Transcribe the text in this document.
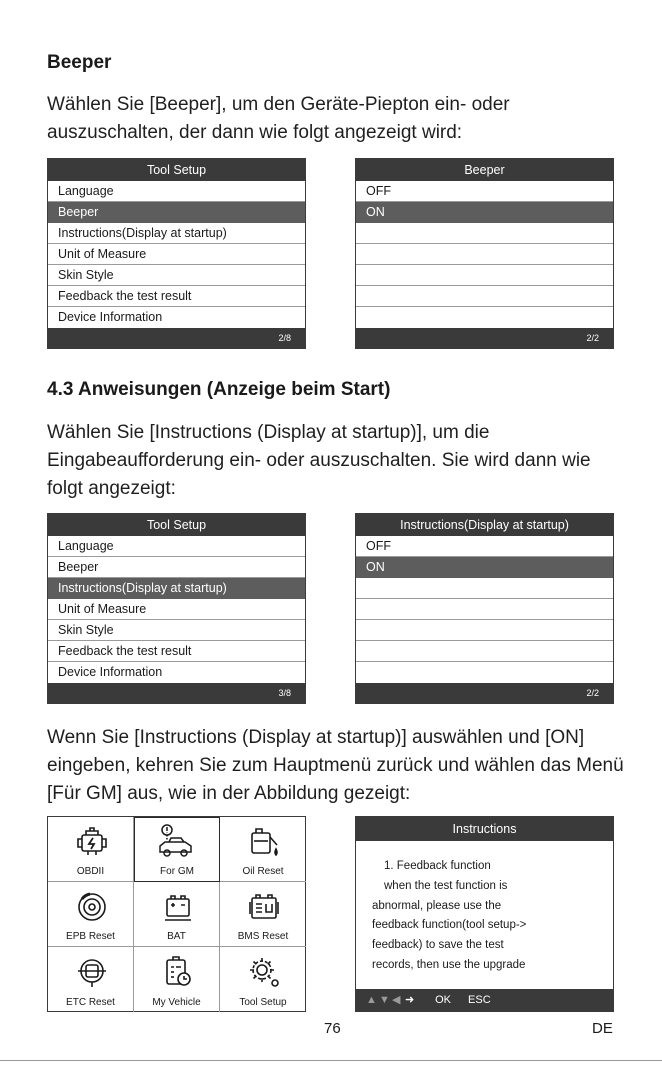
Beeper
Wählen Sie [Beeper], um den Geräte-Piepton ein- oder auszuschalten, der dann wie folgt angezeigt wird:
Tool Setup
Language
Beeper
Instructions(Display at startup)
Unit of Measure
Skin Style
Feedback the test result
Device Information
2/8
Beeper
OFF
ON
2/2
4.3 Anweisungen (Anzeige beim Start)
Wählen Sie [Instructions (Display at startup)], um die Eingabeaufforderung ein- oder auszuschalten. Sie wird dann wie folgt angezeigt:
Tool Setup
Language
Beeper
Instructions(Display at startup)
Unit of Measure
Skin Style
Feedback the test result
Device Information
3/8
Instructions(Display at startup)
OFF
ON
2/2
Wenn Sie [Instructions (Display at startup)] auswählen und [ON] eingeben, kehren Sie zum Hauptmenü zurück und wählen das Menü [Für GM] aus, wie in der Abbildung gezeigt:
OBDII	For GM	Oil Reset
EPB Reset	BAT	BMS Reset
ETC Reset	My Vehicle	Tool Setup
Instructions
1. Feedback function
when the test function is
abnormal, please use the
feedback function(tool setup->
feedback) to save the test
records, then use the upgrade
▲ ▼ ◀ ➜ OK ESC
76	DE
